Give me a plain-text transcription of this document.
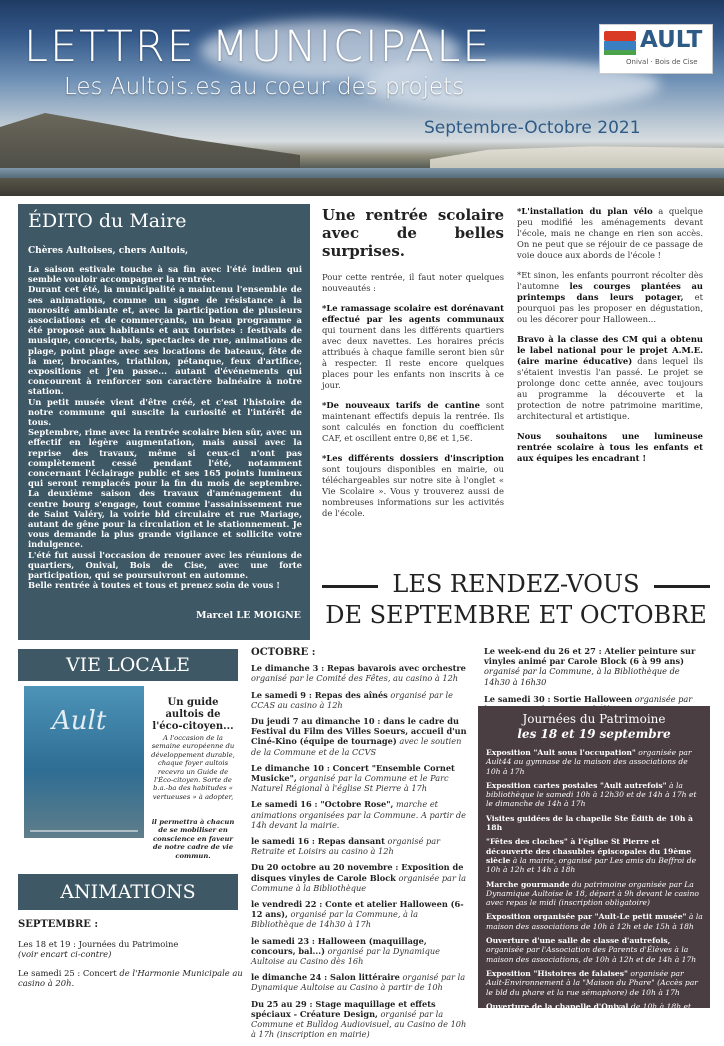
LETTRE MUNICIPALE
Les Aultois.es au coeur des projets
Septembre-Octobre 2021
AULT
Onival · Bois de Cise
ÉDITO du Maire
Chères Aultoises, chers Aultois,

La saison estivale touche à sa fin avec l'été indien qui semble vouloir accompagner la rentrée.

Durant cet été, la municipalité a maintenu l'ensemble de ses animations, comme un signe de résistance à la morosité ambiante et, avec la participation de plusieurs associations et de commerçants, un beau programme a été proposé aux habitants et aux touristes : festivals de musique, concerts, bals, spectacles de rue, animations de plage, point plage avec ses locations de bateaux, fête de la mer, brocantes, triathlon, pétanque, feux d'artifice, expositions et j'en passe... autant d'événements qui concourent à renforcer son caractère balnéaire à notre station.

Un petit musée vient d'être créé, et c'est l'histoire de notre commune qui suscite la curiosité et l'intérêt de tous.

Septembre, rime avec la rentrée scolaire bien sûr, avec un effectif en légère augmentation, mais aussi avec la reprise des travaux, même si ceux-ci n'ont pas complètement cessé pendant l'été, notamment concernant l'éclairage public et ses 165 points lumineux qui seront remplacés pour la fin du mois de septembre. La deuxième saison des travaux d'aménagement du centre bourg s'engage, tout comme l'assainissement rue de Saint Valéry, la voirie bld circulaire et rue Mariage, autant de gêne pour la circulation et le stationnement. Je vous demande la plus grande vigilance et sollicite votre indulgence.

L'été fut aussi l'occasion de renouer avec les réunions de quartiers, Onival, Bois de Cise, avec une forte participation, qui se poursuivront en automne.

Belle rentrée à toutes et tous et prenez soin de vous !

Marcel LE MOIGNE
Une rentrée scolaire avec de belles surprises.

Pour cette rentrée, il faut noter quelques nouveautés :

*Le ramassage scolaire est dorénavant effectué par les agents communaux qui tournent dans les différents quartiers avec deux navettes. Les horaires précis attribués à chaque famille seront bien sûr à respecter. Il reste encore quelques places pour les enfants non inscrits à ce jour.

*De nouveaux tarifs de cantine sont maintenant effectifs depuis la rentrée. Ils sont calculés en fonction du coefficient CAF, et oscillent entre 0,8€ et 1,5€.

*Les différents dossiers d'inscription sont toujours disponibles en mairie, ou téléchargeables sur notre site à l'onglet « Vie Scolaire ». Vous y trouverez aussi de nombreuses informations sur les activités de l'école.

*L'installation du plan vélo a quelque peu modifié les aménagements devant l'école, mais ne change en rien son accès. On ne peut que se réjouir de ce passage de voie douce aux abords de l'école !

*Et sinon, les enfants pourront récolter dès l'automne les courges plantées au printemps dans leurs potager, et pourquoi pas les proposer en dégustation, ou les décorer pour Halloween...

Bravo à la classe des CM qui a obtenu le label national pour le projet A.M.E. (aire marine éducative) dans lequel ils s'étaient investis l'an passé. Le projet se prolonge donc cette année, avec toujours au programme la découverte et la protection de notre patrimoine maritime, architectural et artistique.

Nous souhaitons une lumineuse rentrée scolaire à tous les enfants et aux équipes les encadrant !

LES RENDEZ-VOUS
DE SEPTEMBRE ET OCTOBRE
VIE LOCALE
Ault
Un guide aultois de l'éco-citoyen...
A l'occasion de la semaine européenne du développement durable, chaque foyer aultois recevra un Guide de l'Éco-citoyen. Sorte de b.a.-ba des habitudes « vertueuses » à adopter,
il permettra à chacun de se mobiliser en conscience en faveur de notre cadre de vie commun.
ANIMATIONS
SEPTEMBRE :

Les 18 et 19 : Journées du Patrimoine
(voir encart ci-contre)

Le samedi 25 : Concert de l'Harmonie Municipale au casino à 20h.

OCTOBRE :

Le dimanche 3 : Repas bavarois avec orchestre organisé par le Comité des Fêtes, au casino à 12h

Le samedi 9 : Repas des aînés organisé par le CCAS au casino à 12h

Du jeudi 7 au dimanche 10 : dans le cadre du Festival du Film des Villes Soeurs, accueil d'un Ciné-Kino (équipe de tournage) avec le soutien de la Commune et de la CCVS

Le dimanche 10 : Concert "Ensemble Cornet Musicke", organisé par la Commune et le Parc Naturel Régional à l'église St Pierre à 17h

Le samedi 16 : "Octobre Rose", marche et animations organisées par la Commune. A partir de 14h devant la mairie.

le samedi 16 : Repas dansant organisé par Retraite et Loisirs au casino à 12h

Du 20 octobre au 20 novembre : Exposition de disques vinyles de Carole Block organisée par la Commune à la Bibliothèque

le vendredi 22 : Conte et atelier Halloween (6-12 ans), organisé par la Commune, à la Bibliothèque de 14h30 à 17h

le samedi 23 : Halloween (maquillage, concours, bal...) organisé par la Dynamique Aultoise au Casino dès 16h

le dimanche 24 : Salon littéraire organisé par la Dynamique Aultoise au Casino à partir de 10h

Du 25 au 29 : Stage maquillage et effets spéciaux - Créature Design, organisé par la Commune et Bulldog Audiovisuel, au Casino de 10h à 17h (inscription en mairie)

Le week-end du 26 et 27 : Atelier peinture sur vinyles animé par Carole Block (6 à 99 ans) organisé par la Commune, à la Bibliothèque de 14h30 à 16h30

Le samedi 30 : Sortie Halloween organisée par

Journées du Patrimoine
les 18 et 19 septembre

Exposition "Ault sous l'occupation" organisée par Ault44 au gymnase de la maison des associations de 10h à 17h

Exposition cartes postales "Ault autrefois" à la bibliothèque le samedi 10h à 12h30 et de 14h à 17h et le dimanche de 14h à 17h

Visites guidées de la chapelle Ste Édith de 10h à 18h

"Fêtes des cloches" à l'église St Pierre et découverte des chasubles épiscopales du 19ème siècle à la mairie, organisé par Les amis du Beffroi de 10h à 12h et 14h à 18h

Marche gourmande du patrimoine organisée par La Dynamique Aultoise le 18, départ à 9h devant le casino avec repas le midi (inscription obligatoire)

Exposition organisée par "Ault-Le petit musée" à la maison des associations de 10h à 12h et de 15h à 18h

Ouverture d'une salle de classe d'autrefois, organisée par l'Association des Parents d'Élèves à la maison des associations, de 10h à 12h et de 14h à 17h

Exposition "Histoires de falaises" organisée par Ault-Environnement à la "Maison du Phare" (Accès par le bld du phare et la rue sémaphore) de 10h à 17h

Ouverture de la chapelle d'Onival de 10h à 18h et concert organisé par la Caravelle des Arts le 19 à 17h
